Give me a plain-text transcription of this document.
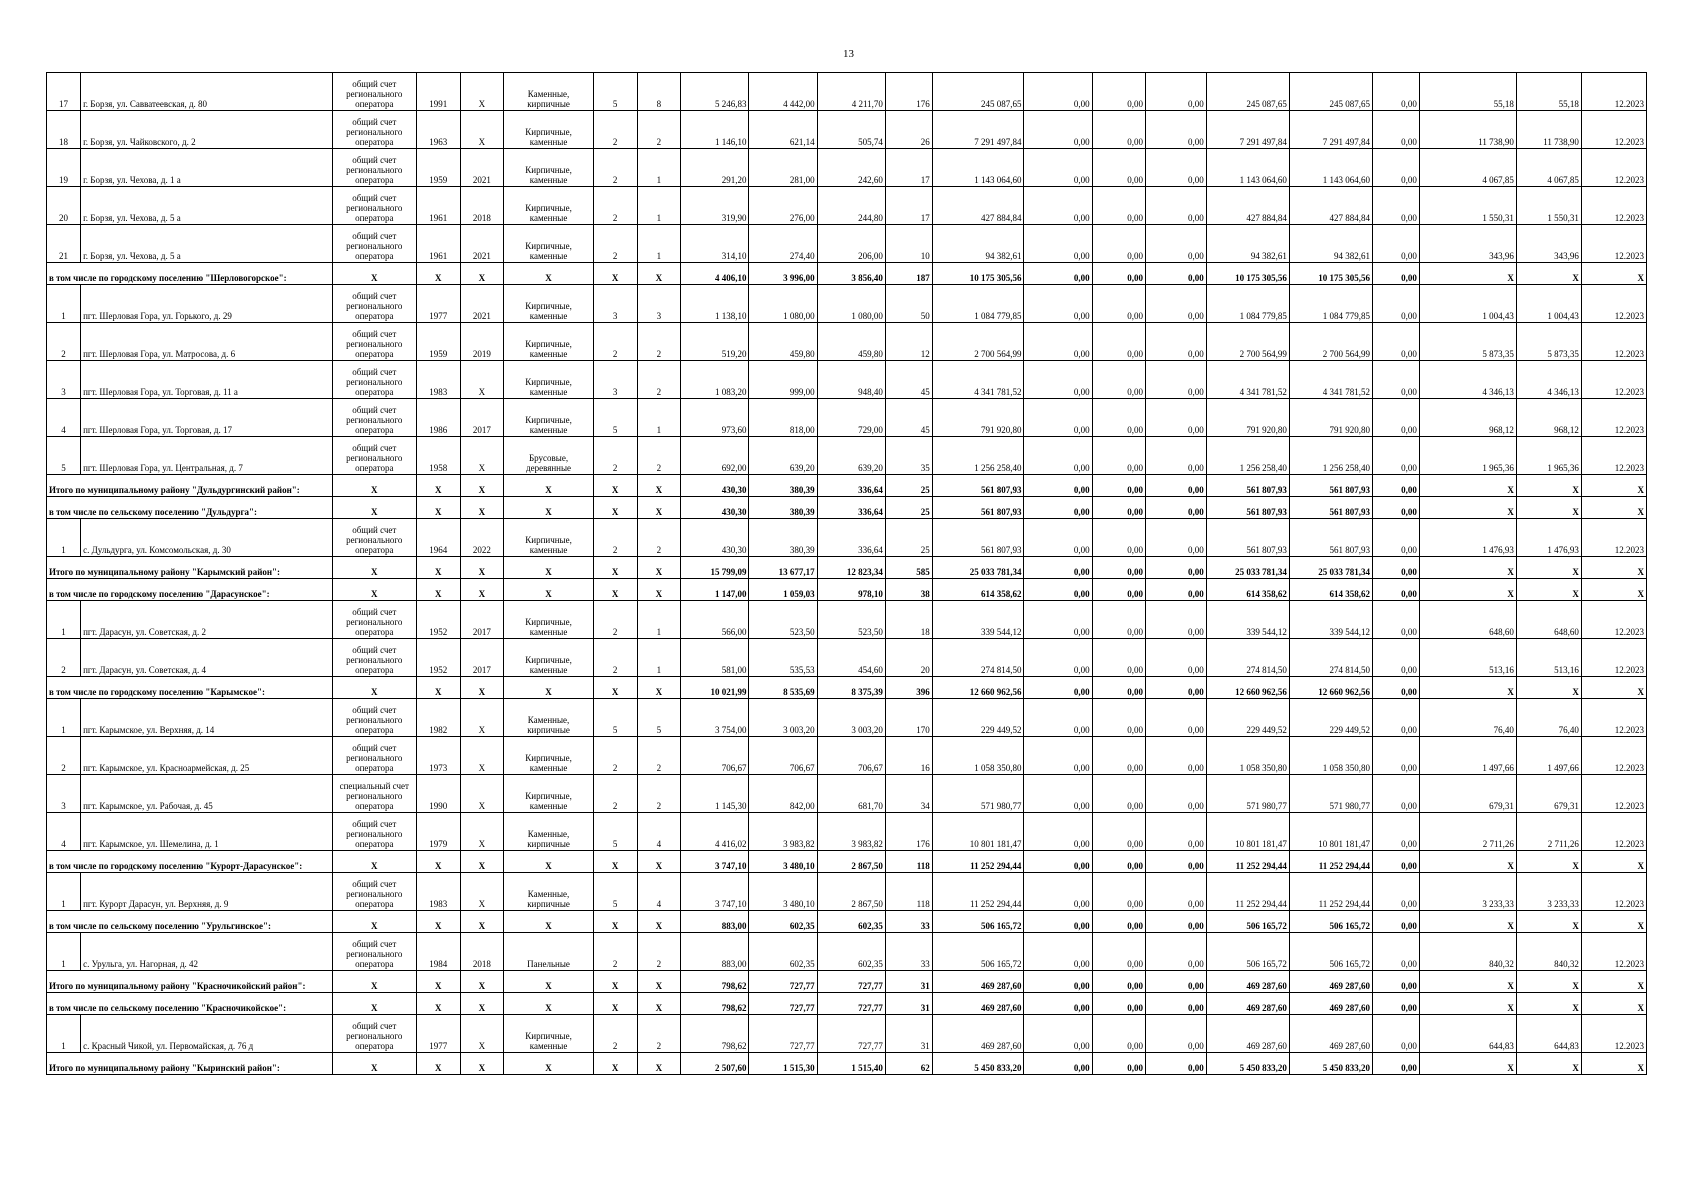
13
17	г. Борзя, ул. Савватеевская, д. 80	общий счет регионального оператора	1991	X	Каменные, кирпичные	5	8	5 246,83	4 442,00	4 211,70	176	245 087,65	0,00	0,00	0,00	245 087,65	245 087,65	0,00	55,18	55,18	12.2023
18	г. Борзя, ул. Чайковского, д. 2	общий счет регионального оператора	1963	X	Кирпичные, каменные	2	2	1 146,10	621,14	505,74	26	7 291 497,84	0,00	0,00	0,00	7 291 497,84	7 291 497,84	0,00	11 738,90	11 738,90	12.2023
19	г. Борзя, ул. Чехова, д. 1 а	общий счет регионального оператора	1959	2021	Кирпичные, каменные	2	1	291,20	281,00	242,60	17	1 143 064,60	0,00	0,00	0,00	1 143 064,60	1 143 064,60	0,00	4 067,85	4 067,85	12.2023
20	г. Борзя, ул. Чехова, д. 5 а	общий счет регионального оператора	1961	2018	Кирпичные, каменные	2	1	319,90	276,00	244,80	17	427 884,84	0,00	0,00	0,00	427 884,84	427 884,84	0,00	1 550,31	1 550,31	12.2023
21	г. Борзя, ул. Чехова, д. 5 а	общий счет регионального оператора	1961	2021	Кирпичные, каменные	2	1	314,10	274,40	206,00	10	94 382,61	0,00	0,00	0,00	94 382,61	94 382,61	0,00	343,96	343,96	12.2023
в том числе по городскому поселению "Шерловогорское":		X	X	X	X	X	X	4 406,10	3 996,00	3 856,40	187	10 175 305,56	0,00	0,00	0,00	10 175 305,56	10 175 305,56	0,00	X	X	X
1	пгт. Шерловая Гора, ул. Горького, д. 29	общий счет регионального оператора	1977	2021	Кирпичные, каменные	3	3	1 138,10	1 080,00	1 080,00	50	1 084 779,85	0,00	0,00	0,00	1 084 779,85	1 084 779,85	0,00	1 004,43	1 004,43	12.2023
2	пгт. Шерловая Гора, ул. Матросова, д. 6	общий счет регионального оператора	1959	2019	Кирпичные, каменные	2	2	519,20	459,80	459,80	12	2 700 564,99	0,00	0,00	0,00	2 700 564,99	2 700 564,99	0,00	5 873,35	5 873,35	12.2023
3	пгт. Шерловая Гора, ул. Торговая, д. 11 а	общий счет регионального оператора	1983	X	Кирпичные, каменные	3	2	1 083,20	999,00	948,40	45	4 341 781,52	0,00	0,00	0,00	4 341 781,52	4 341 781,52	0,00	4 346,13	4 346,13	12.2023
4	пгт. Шерловая Гора, ул. Торговая, д. 17	общий счет регионального оператора	1986	2017	Кирпичные, каменные	5	1	973,60	818,00	729,00	45	791 920,80	0,00	0,00	0,00	791 920,80	791 920,80	0,00	968,12	968,12	12.2023
5	пгт. Шерловая Гора, ул. Центральная, д. 7	общий счет регионального оператора	1958	X	Брусовые, деревянные	2	2	692,00	639,20	639,20	35	1 256 258,40	0,00	0,00	0,00	1 256 258,40	1 256 258,40	0,00	1 965,36	1 965,36	12.2023
Итого по муниципальному району "Дульдургинский район":		X	X	X	X	X	X	430,30	380,39	336,64	25	561 807,93	0,00	0,00	0,00	561 807,93	561 807,93	0,00	X	X	X
в том числе по сельскому поселению "Дульдурга":		X	X	X	X	X	X	430,30	380,39	336,64	25	561 807,93	0,00	0,00	0,00	561 807,93	561 807,93	0,00	X	X	X
1	с. Дульдурга, ул. Комсомольская, д. 30	общий счет регионального оператора	1964	2022	Кирпичные, каменные	2	2	430,30	380,39	336,64	25	561 807,93	0,00	0,00	0,00	561 807,93	561 807,93	0,00	1 476,93	1 476,93	12.2023
Итого по муниципальному району "Карымский район":		X	X	X	X	X	X	15 799,09	13 677,17	12 823,34	585	25 033 781,34	0,00	0,00	0,00	25 033 781,34	25 033 781,34	0,00	X	X	X
в том числе по городскому поселению "Дарасунское":		X	X	X	X	X	X	1 147,00	1 059,03	978,10	38	614 358,62	0,00	0,00	0,00	614 358,62	614 358,62	0,00	X	X	X
1	пгт. Дарасун, ул. Советская, д. 2	общий счет регионального оператора	1952	2017	Кирпичные, каменные	2	1	566,00	523,50	523,50	18	339 544,12	0,00	0,00	0,00	339 544,12	339 544,12	0,00	648,60	648,60	12.2023
2	пгт. Дарасун, ул. Советская, д. 4	общий счет регионального оператора	1952	2017	Кирпичные, каменные	2	1	581,00	535,53	454,60	20	274 814,50	0,00	0,00	0,00	274 814,50	274 814,50	0,00	513,16	513,16	12.2023
в том числе по городскому поселению "Карымское":		X	X	X	X	X	X	10 021,99	8 535,69	8 375,39	396	12 660 962,56	0,00	0,00	0,00	12 660 962,56	12 660 962,56	0,00	X	X	X
1	пгт. Карымское, ул. Верхняя, д. 14	общий счет регионального оператора	1982	X	Каменные, кирпичные	5	5	3 754,00	3 003,20	3 003,20	170	229 449,52	0,00	0,00	0,00	229 449,52	229 449,52	0,00	76,40	76,40	12.2023
2	пгт. Карымское, ул. Красноармейская, д. 25	общий счет регионального оператора	1973	X	Кирпичные, каменные	2	2	706,67	706,67	706,67	16	1 058 350,80	0,00	0,00	0,00	1 058 350,80	1 058 350,80	0,00	1 497,66	1 497,66	12.2023
3	пгт. Карымское, ул. Рабочая, д. 45	специальный счет регионального оператора	1990	X	Кирпичные, каменные	2	2	1 145,30	842,00	681,70	34	571 980,77	0,00	0,00	0,00	571 980,77	571 980,77	0,00	679,31	679,31	12.2023
4	пгт. Карымское, ул. Шемелина, д. 1	общий счет регионального оператора	1979	X	Каменные, кирпичные	5	4	4 416,02	3 983,82	3 983,82	176	10 801 181,47	0,00	0,00	0,00	10 801 181,47	10 801 181,47	0,00	2 711,26	2 711,26	12.2023
в том числе по городскому поселению "Курорт-Дарасунское":		X	X	X	X	X	X	3 747,10	3 480,10	2 867,50	118	11 252 294,44	0,00	0,00	0,00	11 252 294,44	11 252 294,44	0,00	X	X	X
1	пгт. Курорт Дарасун, ул. Верхняя, д. 9	общий счет регионального оператора	1983	X	Каменные, кирпичные	5	4	3 747,10	3 480,10	2 867,50	118	11 252 294,44	0,00	0,00	0,00	11 252 294,44	11 252 294,44	0,00	3 233,33	3 233,33	12.2023
в том числе по сельскому поселению "Урульгинское":		X	X	X	X	X	X	883,00	602,35	602,35	33	506 165,72	0,00	0,00	0,00	506 165,72	506 165,72	0,00	X	X	X
1	с. Урульга, ул. Нагорная, д. 42	общий счет регионального оператора	1984	2018	Панельные	2	2	883,00	602,35	602,35	33	506 165,72	0,00	0,00	0,00	506 165,72	506 165,72	0,00	840,32	840,32	12.2023
Итого по муниципальному району "Красночикойский район":		X	X	X	X	X	X	798,62	727,77	727,77	31	469 287,60	0,00	0,00	0,00	469 287,60	469 287,60	0,00	X	X	X
в том числе по сельскому поселению "Красночикойское":		X	X	X	X	X	X	798,62	727,77	727,77	31	469 287,60	0,00	0,00	0,00	469 287,60	469 287,60	0,00	X	X	X
1	с. Красный Чикой, ул. Первомайская, д. 76 д	общий счет регионального оператора	1977	X	Кирпичные, каменные	2	2	798,62	727,77	727,77	31	469 287,60	0,00	0,00	0,00	469 287,60	469 287,60	0,00	644,83	644,83	12.2023
Итого по муниципальному району "Кыринский район":		X	X	X	X	X	X	2 507,60	1 515,30	1 515,40	62	5 450 833,20	0,00	0,00	0,00	5 450 833,20	5 450 833,20	0,00	X	X	X
